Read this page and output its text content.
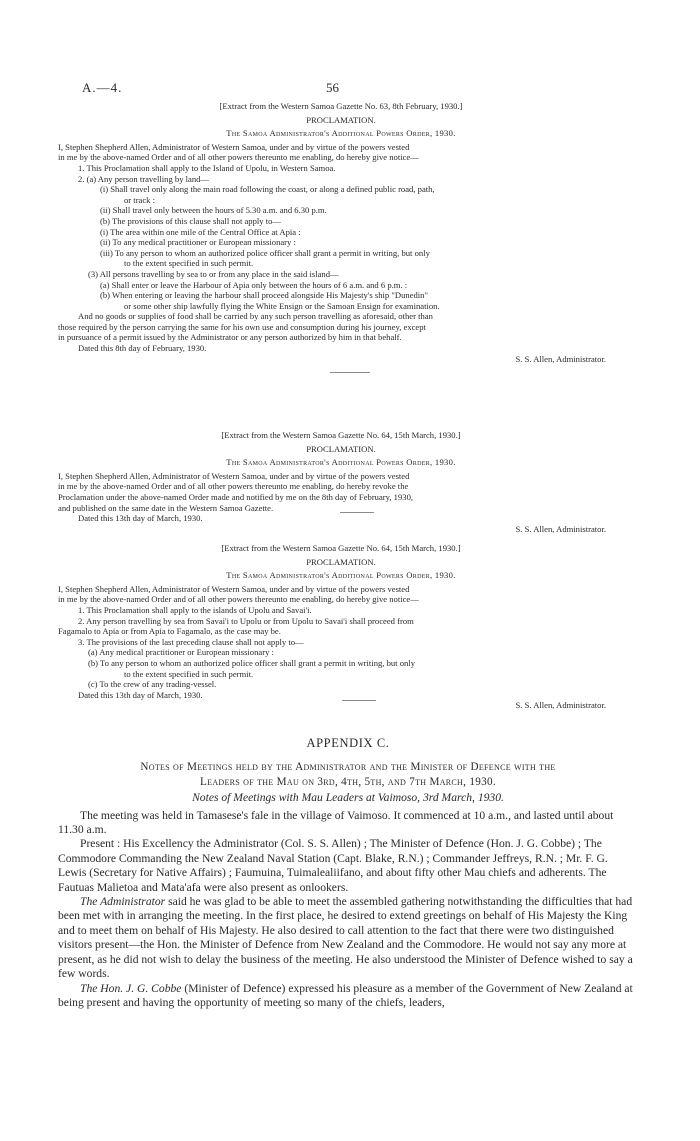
A.—4.	56

[Extract from the Western Samoa Gazette No. 63, 8th February, 1930.]

PROCLAMATION.

The Samoa Administrator's Additional Powers Order, 1930.

I, Stephen Shepherd Allen, Administrator of Western Samoa, under and by virtue of the powers vested

in me by the above-named Order and of all other powers thereunto me enabling, do hereby give notice—

1. This Proclamation shall apply to the Island of Upolu, in Western Samoa.

2. (a) Any person travelling by land—

(i) Shall travel only along the main road following the coast, or along a defined public road, path,

or track :

(ii) Shall travel only between the hours of 5.30 a.m. and 6.30 p.m.

(b) The provisions of this clause shall not apply to—

(i) The area within one mile of the Central Office at Apia :

(ii) To any medical practitioner or European missionary :

(iii) To any person to whom an authorized police officer shall grant a permit in writing, but only

to the extent specified in such permit.

(3) All persons travelling by sea to or from any place in the said island—

(a) Shall enter or leave the Harbour of Apia only between the hours of 6 a.m. and 6 p.m. :

(b) When entering or leaving the harbour shall proceed alongside His Majesty's ship "Dunedin"

or some other ship lawfully flying the White Ensign or the Samoan Ensign for examination.

And no goods or supplies of food shall be carried by any such person travelling as aforesaid, other than

those required by the person carrying the same for his own use and consumption during his journey, except

in pursuance of a permit issued by the Administrator or any person authorized by him in that behalf.

Dated this 8th day of February, 1930.

S. S. Allen, Administrator.

[Extract from the Western Samoa Gazette No. 64, 15th March, 1930.]

PROCLAMATION.

The Samoa Administrator's Additional Powers Order, 1930.

I, Stephen Shepherd Allen, Administrator of Western Samoa, under and by virtue of the powers vested

in me by the above-named Order and of all other powers thereunto me enabling, do hereby revoke the

Proclamation under the above-named Order made and notified by me on the 8th day of February, 1930,

and published on the same date in the Western Samoa Gazette.

Dated this 13th day of March, 1930.

S. S. Allen, Administrator.

[Extract from the Western Samoa Gazette No. 64, 15th March, 1930.]

PROCLAMATION.

The Samoa Administrator's Additional Powers Order, 1930.

I, Stephen Shepherd Allen, Administrator of Western Samoa, under and by virtue of the powers vested

in me by the above-named Order and of all other powers thereunto me enabling, do hereby give notice—

1. This Proclamation shall apply to the islands of Upolu and Savai'i.

2. Any person travelling by sea from Savai'i to Upolu or from Upolu to Savai'i shall proceed from

Fagamalo to Apia or from Apia to Fagamalo, as the case may be.

3. The provisions of the last preceding clause shall not apply to—

(a) Any medical practitioner or European missionary :

(b) To any person to whom an authorized police officer shall grant a permit in writing, but only

to the extent specified in such permit.

(c) To the crew of any trading-vessel.

Dated this 13th day of March, 1930.

S. S. Allen, Administrator.

APPENDIX C.

Notes of Meetings held by the Administrator and the Minister of Defence with the

Leaders of the Mau on 3rd, 4th, 5th, and 7th March, 1930.

Notes of Meetings with Mau Leaders at Vaimoso, 3rd March, 1930.

The meeting was held in Tamasese's fale in the village of Vaimoso. It commenced at 10 a.m., and lasted until about 11.30 a.m.

Present : His Excellency the Administrator (Col. S. S. Allen) ; The Minister of Defence (Hon. J. G. Cobbe) ; The Commodore Commanding the New Zealand Naval Station (Capt. Blake, R.N.) ; Commander Jeffreys, R.N. ; Mr. F. G. Lewis (Secretary for Native Affairs) ; Faumuina, Tuimalealiifano, and about fifty other Mau chiefs and adherents. The Fautuas Malietoa and Mata'afa were also present as onlookers.

The Administrator said he was glad to be able to meet the assembled gathering notwithstanding the difficulties that had been met with in arranging the meeting. In the first place, he desired to extend greetings on behalf of His Majesty the King and to meet them on behalf of His Majesty. He also desired to call attention to the fact that there were two distinguished visitors present—the Hon. the Minister of Defence from New Zealand and the Commodore. He would not say any more at present, as he did not wish to delay the business of the meeting. He also understood the Minister of Defence wished to say a few words.

The Hon. J. G. Cobbe (Minister of Defence) expressed his pleasure as a member of the Government of New Zealand at being present and having the opportunity of meeting so many of the chiefs, leaders,
